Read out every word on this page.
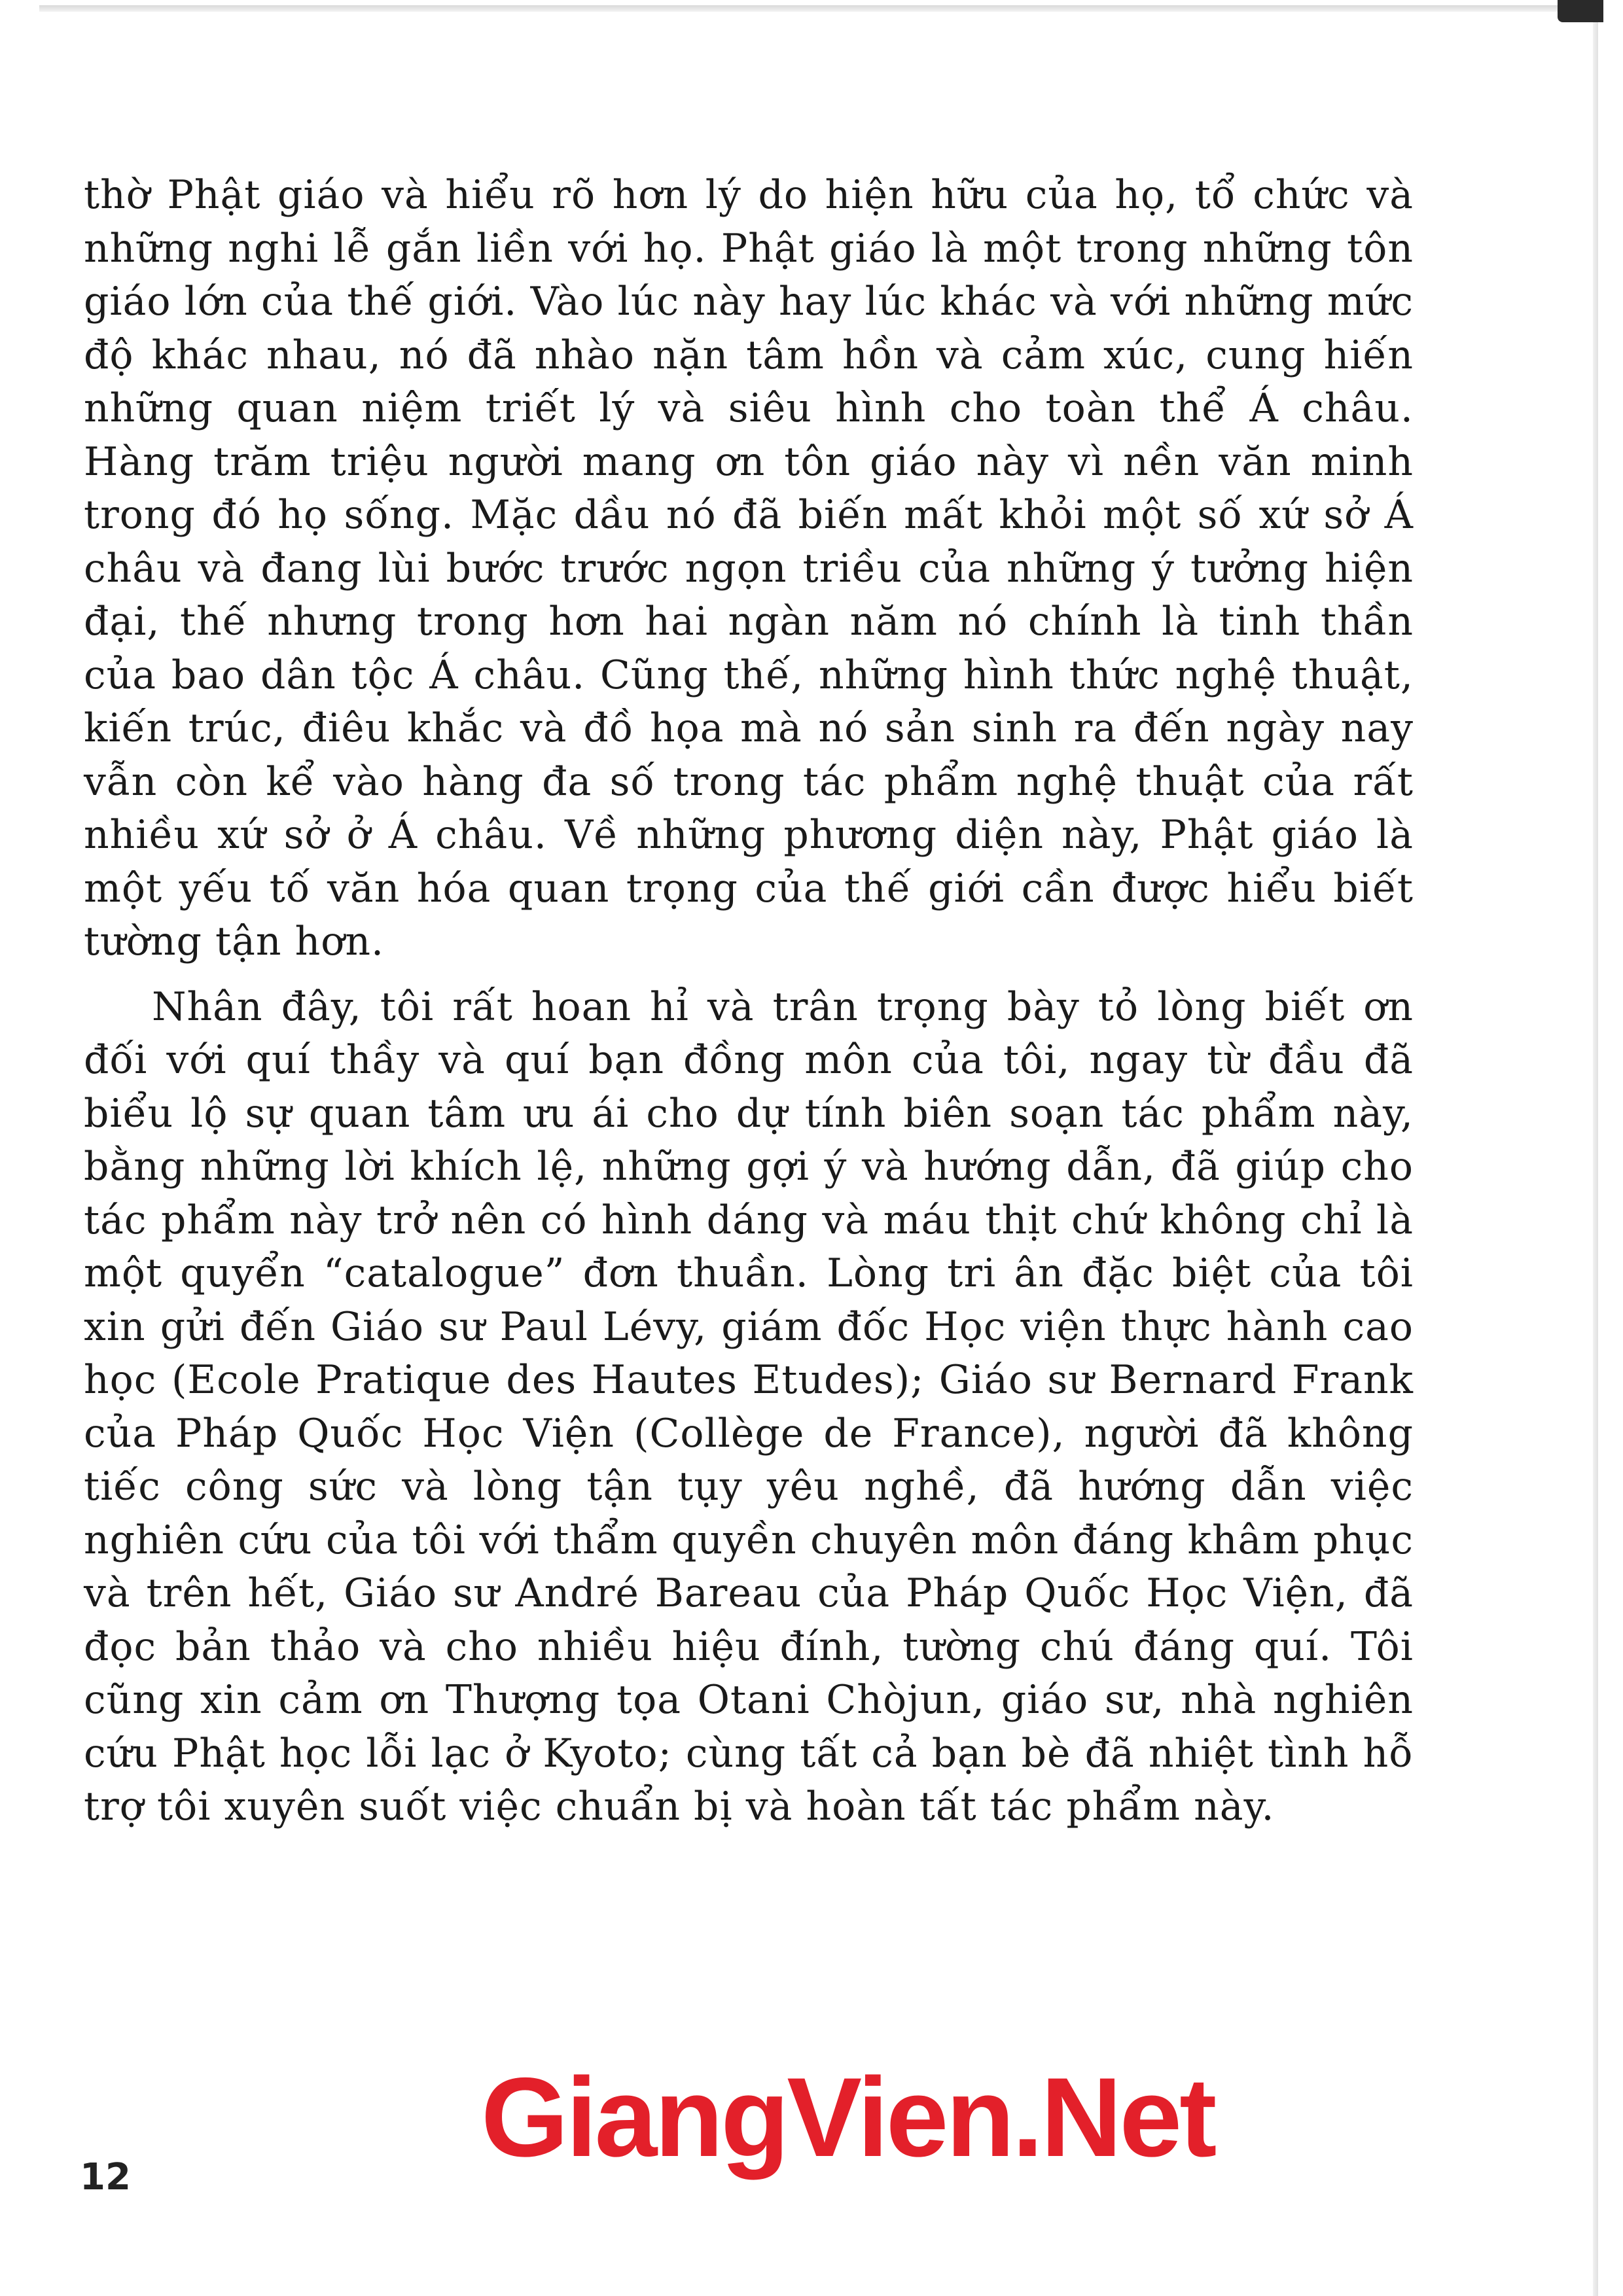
thờ Phật giáo và hiểu rõ hơn lý do hiện hữu của họ, tổ chức và những nghi lễ gắn liền với họ. Phật giáo là một trong những tôn giáo lớn của thế giới. Vào lúc này hay lúc khác và với những mức độ khác nhau, nó đã nhào nặn tâm hồn và cảm xúc, cung hiến những quan niệm triết lý và siêu hình cho toàn thể Á châu. Hàng trăm triệu người mang ơn tôn giáo này vì nền văn minh trong đó họ sống. Mặc dầu nó đã biến mất khỏi một số xứ sở Á châu và đang lùi bước trước ngọn triều của những ý tưởng hiện đại, thế nhưng trong hơn hai ngàn năm nó chính là tinh thần của bao dân tộc Á châu. Cũng thế, những hình thức nghệ thuật, kiến trúc, điêu khắc và đồ họa mà nó sản sinh ra đến ngày nay vẫn còn kể vào hàng đa số trong tác phẩm nghệ thuật của rất nhiều xứ sở ở Á châu. Về những phương diện này, Phật giáo là một yếu tố văn hóa quan trọng của thế giới cần được hiểu biết tường tận hơn.

Nhân đây, tôi rất hoan hỉ và trân trọng bày tỏ lòng biết ơn đối với quí thầy và quí bạn đồng môn của tôi, ngay từ đầu đã biểu lộ sự quan tâm ưu ái cho dự tính biên soạn tác phẩm này, bằng những lời khích lệ, những gợi ý và hướng dẫn, đã giúp cho tác phẩm này trở nên có hình dáng và máu thịt chứ không chỉ là một quyển “catalogue” đơn thuần. Lòng tri ân đặc biệt của tôi xin gửi đến Giáo sư Paul Lévy, giám đốc Học viện thực hành cao học (Ecole Pratique des Hautes Etudes); Giáo sư Bernard Frank của Pháp Quốc Học Viện (Collège de France), người đã không tiếc công sức và lòng tận tụy yêu nghề, đã hướng dẫn việc nghiên cứu của tôi với thẩm quyền chuyên môn đáng khâm phục và trên hết, Giáo sư André Bareau của Pháp Quốc Học Viện, đã đọc bản thảo và cho nhiều hiệu đính, tường chú đáng quí. Tôi cũng xin cảm ơn Thượng tọa Otani Chòjun, giáo sư, nhà nghiên cứu Phật học lỗi lạc ở Kyoto; cùng tất cả bạn bè đã nhiệt tình hỗ trợ tôi xuyên suốt việc chuẩn bị và hoàn tất tác phẩm này.

GiangVien.Net
12
